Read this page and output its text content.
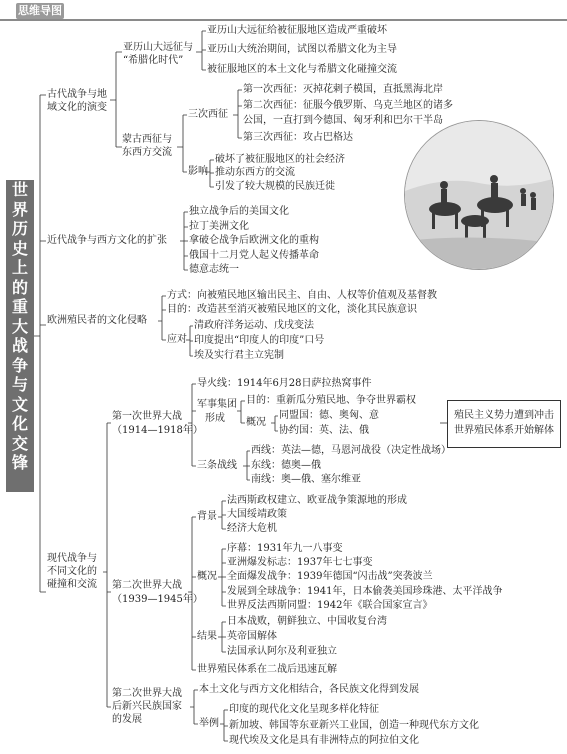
思维导图
世
界
历
史
上
的
重
大
战
争
与
文
化
交
锋
古代战争与地
域文化的演变
亚历山大远征与
“希腊化时代”
亚历山大远征给被征服地区造成严重破坏
亚历山大统治期间，试图以希腊文化为主导
被征服地区的本土文化与希腊文化碰撞交流
蒙古西征与
东西方交流
三次西征
第一次西征：灭掉花剌子模国，直抵黑海北岸
第二次西征：征服今俄罗斯、乌克兰地区的诸多
公国，一直打到今德国、匈牙利和巴尔干半岛
第三次西征：攻占巴格达
影响
破坏了被征服地区的社会经济
推动东西方的交流
引发了较大规模的民族迁徙
近代战争与西方文化的扩张
独立战争后的美国文化
拉丁美洲文化
拿破仑战争后欧洲文化的重构
俄国十二月党人起义传播革命
德意志统一
欧洲殖民者的文化侵略
方式：向被殖民地区输出民主、自由、人权等价值观及基督教
目的：改造甚至消灭被殖民地区的文化，淡化其民族意识
应对
清政府洋务运动、戊戌变法
印度提出“印度人的印度”口号
埃及实行君主立宪制
现代战争与
不同文化的
碰撞和交流
第一次世界大战
（1914—1918年）
导火线：1914年6月28日萨拉热窝事件
军事集团
形成
目的：重新瓜分殖民地、争夺世界霸权
概况
同盟国：德、奥匈、意
协约国：英、法、俄
三条战线
西线：英法—德，马恩河战役（决定性战场）
东线：德奥—俄
南线：奥—俄、塞尔维亚
殖民主义势力遭到冲击
世界殖民体系开始解体
第二次世界大战
（1939—1945年）
背景
法西斯政权建立、欧亚战争策源地的形成
大国绥靖政策
经济大危机
概况
序幕：1931年九一八事变
亚洲爆发标志：1937年七七事变
全面爆发战争：1939年德国“闪击战”突袭波兰
发展到全球战争：1941年，日本偷袭美国珍珠港、太平洋战争
世界反法西斯同盟：1942年《联合国家宣言》
结果
日本战败，朝鲜独立、中国收复台湾
英帝国解体
法国承认阿尔及利亚独立
世界殖民体系在二战后迅速瓦解
第二次世界大战
后新兴民族国家
的发展
本土文化与西方文化相结合，各民族文化得到发展
举例
印度的现代化文化呈现多样化特征
新加坡、韩国等东亚新兴工业国，创造一种现代东方文化
现代埃及文化是具有非洲特点的阿拉伯文化
